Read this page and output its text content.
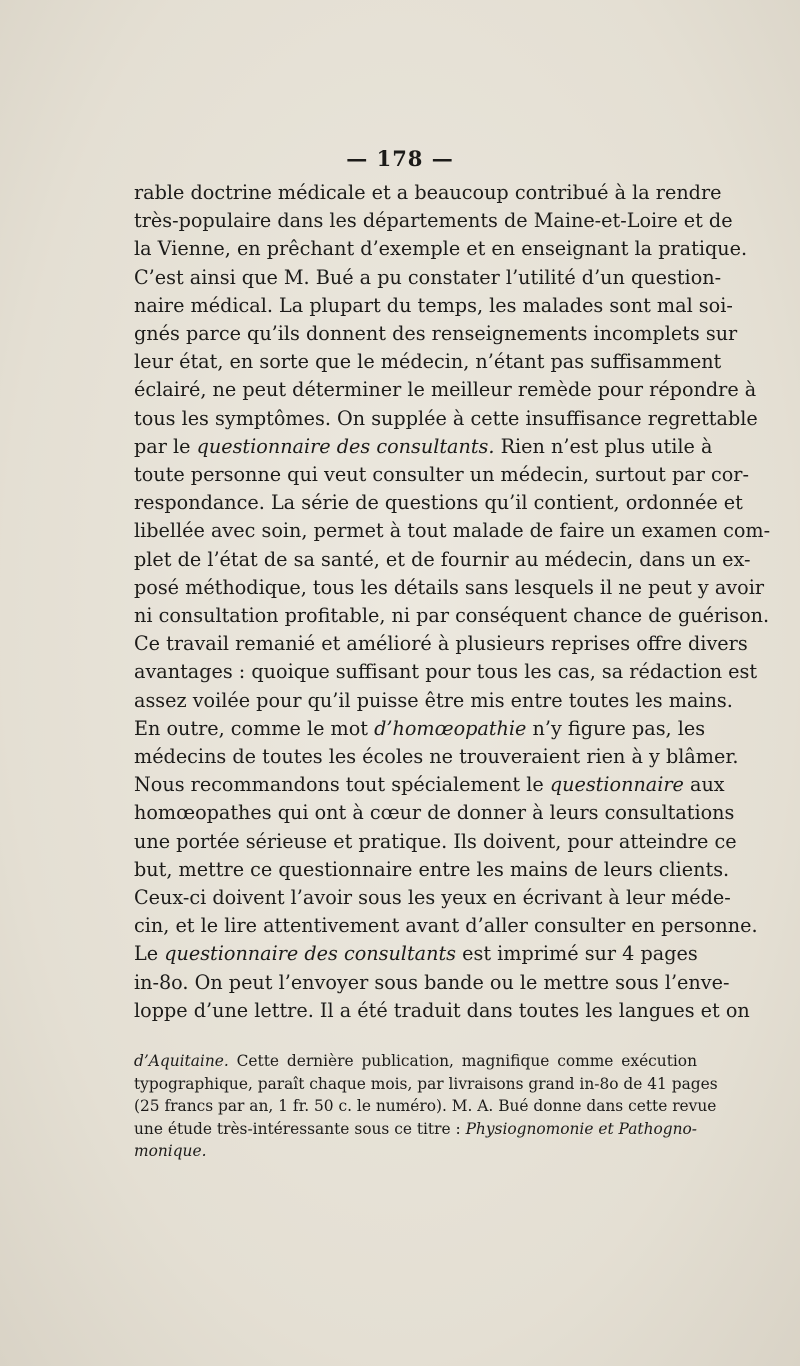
— 178 —
rable doctrine médicale et a beaucoup contribué à la rendre
très-populaire dans les départements de Maine-et-Loire et de
la Vienne, en prêchant d’exemple et en enseignant la pratique.
C’est ainsi que M. Bué a pu constater l’utilité d’un question-
naire médical. La plupart du temps, les malades sont mal soi-
gnés parce qu’ils donnent des renseignements incomplets sur
leur état, en sorte que le médecin, n’étant pas suffisamment
éclairé, ne peut déterminer le meilleur remède pour répondre à
tous les symptômes. On supplée à cette insuffisance regrettable
par le questionnaire des consultants. Rien n’est plus utile à
toute personne qui veut consulter un médecin, surtout par cor-
respondance. La série de questions qu’il contient, ordonnée et
libellée avec soin, permet à tout malade de faire un examen com-
plet de l’état de sa santé, et de fournir au médecin, dans un ex-
posé méthodique, tous les détails sans lesquels il ne peut y avoir
ni consultation profitable, ni par conséquent chance de guérison.
Ce travail remanié et amélioré à plusieurs reprises offre divers
avantages : quoique suffisant pour tous les cas, sa rédaction est
assez voilée pour qu’il puisse être mis entre toutes les mains.
En outre, comme le mot d’homœopathie n’y figure pas, les
médecins de toutes les écoles ne trouveraient rien à y blâmer.
Nous recommandons tout spécialement le questionnaire aux
homœopathes qui ont à cœur de donner à leurs consultations
une portée sérieuse et pratique. Ils doivent, pour atteindre ce
but, mettre ce questionnaire entre les mains de leurs clients.
Ceux-ci doivent l’avoir sous les yeux en écrivant à leur méde-
cin, et le lire attentivement avant d’aller consulter en personne.
Le questionnaire des consultants est imprimé sur 4 pages
in-8o. On peut l’envoyer sous bande ou le mettre sous l’enve-
loppe d’une lettre. Il a été traduit dans toutes les langues et on
d’Aquitaine. Cette dernière publication, magnifique comme exécution
typographique, paraît chaque mois, par livraisons grand in-8o de 41 pages
(25 francs par an, 1 fr. 50 c. le numéro). M. A. Bué donne dans cette revue
une étude très-intéressante sous ce titre : Physiognomonie et Pathogno-
monique.
